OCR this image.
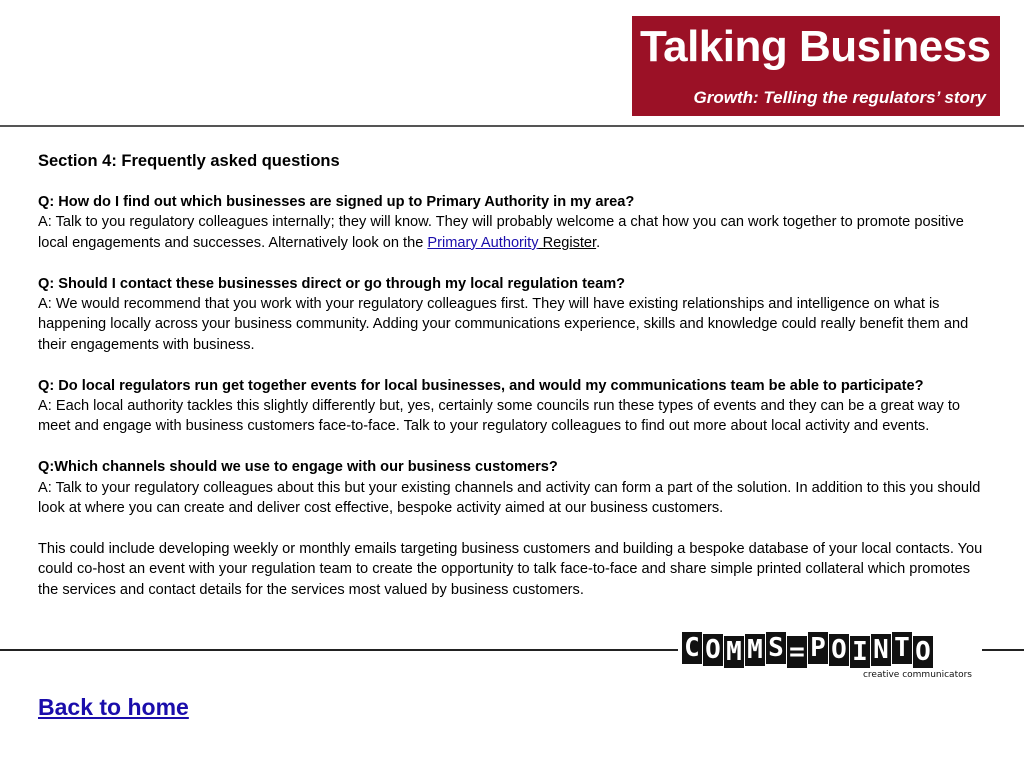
Talking Business
Growth: Telling the regulators’ story
Section 4: Frequently asked questions
Q: How do I find out which businesses are signed up to Primary Authority in my area?

A: Talk to you regulatory colleagues internally; they will know. They will probably welcome a chat how you can work together to promote positive local engagements and successes. Alternatively look on the Primary Authority Register.

Q: Should I contact these businesses direct or go through my local regulation team?

A: We would recommend that you work with your regulatory colleagues first. They will have existing relationships and intelligence on what is happening locally across your business community. Adding your communications experience, skills and knowledge could really benefit them and their engagements with business.

Q: Do local regulators run get together events for local businesses, and would my communications team be able to participate?

A: Each local authority tackles this slightly differently but, yes, certainly some councils run these types of events and they can be a great way to meet and engage with business customers face-to-face. Talk to your regulatory colleagues to find out more about local activity and events.

Q:Which channels should we use to engage with our business customers?

A: Talk to your regulatory colleagues about this but your existing channels and activity can form a part of the solution. In addition to this you should look at where you can create and deliver cost effective, bespoke activity aimed at our business customers.

This could include developing weekly or monthly emails targeting business customers and building a bespoke database of your local contacts. You could co-host an event with your regulation team to create the opportunity to talk face-to-face and share simple printed collateral which promotes the services and contact details for the services most valued by business customers.

C O M M S = P O I N T O
creative communicators
Back to home
